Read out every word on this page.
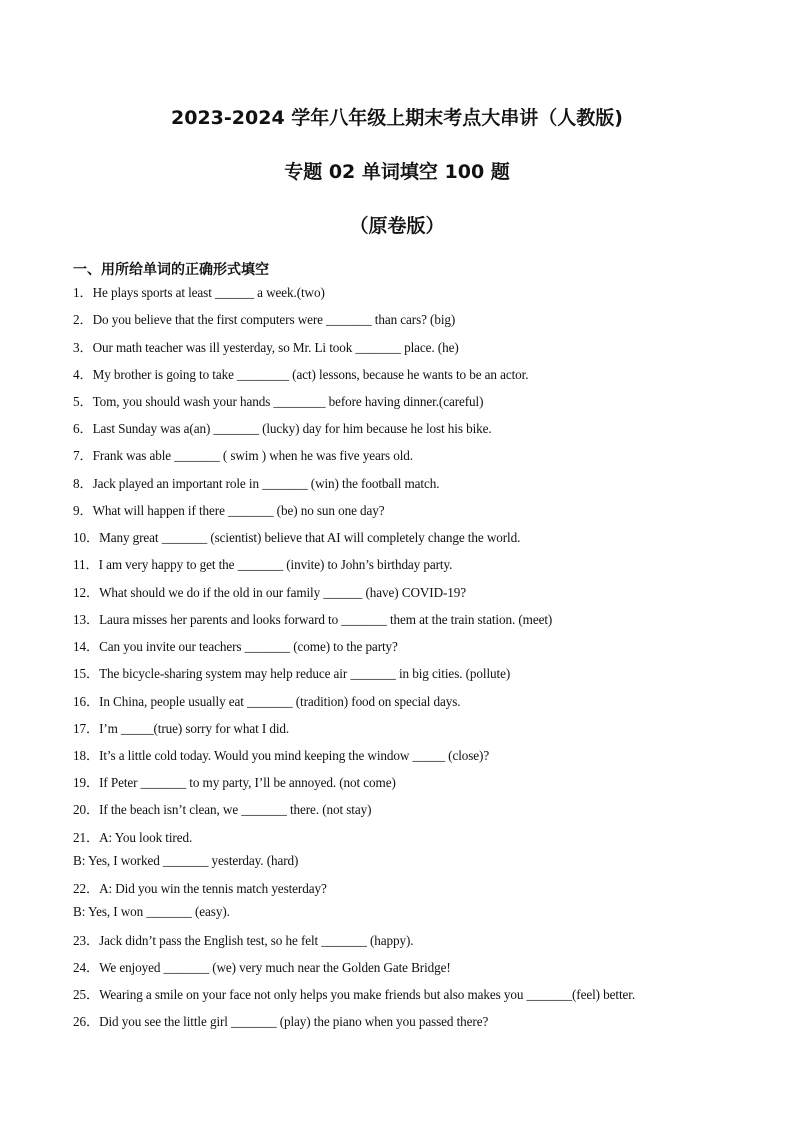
2023-2024 学年八年级上期末考点大串讲（人教版)
专题 02 单词填空 100 题
（原卷版）
一、用所给单词的正确形式填空
1．He plays sports at least ______ a week.(two)
2．Do you believe that the first computers were _______ than cars? (big)
3．Our math teacher was ill yesterday, so Mr. Li took _______ place. (he)
4．My brother is going to take ________ (act) lessons, because he wants to be an actor.
5．Tom, you should wash your hands ________ before having dinner.(careful)
6．Last Sunday was a(an) _______ (lucky) day for him because he lost his bike.
7．Frank was able _______ ( swim ) when he was five years old.
8．Jack played an important role in _______ (win) the football match.
9．What will happen if there _______ (be) no sun one day?
10．Many great _______ (scientist) believe that AI will completely change the world.
11．I am very happy to get the _______ (invite) to John’s birthday party.
12．What should we do if the old in our family ______ (have) COVID-19?
13．Laura misses her parents and looks forward to _______ them at the train station. (meet)
14．Can you invite our teachers _______ (come) to the party?
15．The bicycle-sharing system may help reduce air _______ in big cities. (pollute)
16．In China, people usually eat _______ (tradition) food on special days.
17．I’m _____(true) sorry for what I did.
18．It’s a little cold today. Would you mind keeping the window _____ (close)?
19．If Peter _______ to my party, I’ll be annoyed. (not come)
20．If the beach isn’t clean, we _______ there. (not stay)
21．A: You look tired.
B: Yes, I worked _______ yesterday. (hard)
22．A: Did you win the tennis match yesterday?
B: Yes, I won _______ (easy).
23．Jack didn’t pass the English test, so he felt _______ (happy).
24．We enjoyed _______ (we) very much near the Golden Gate Bridge!
25．Wearing a smile on your face not only helps you make friends but also makes you _______(feel) better.
26．Did you see the little girl _______ (play) the piano when you passed there?
